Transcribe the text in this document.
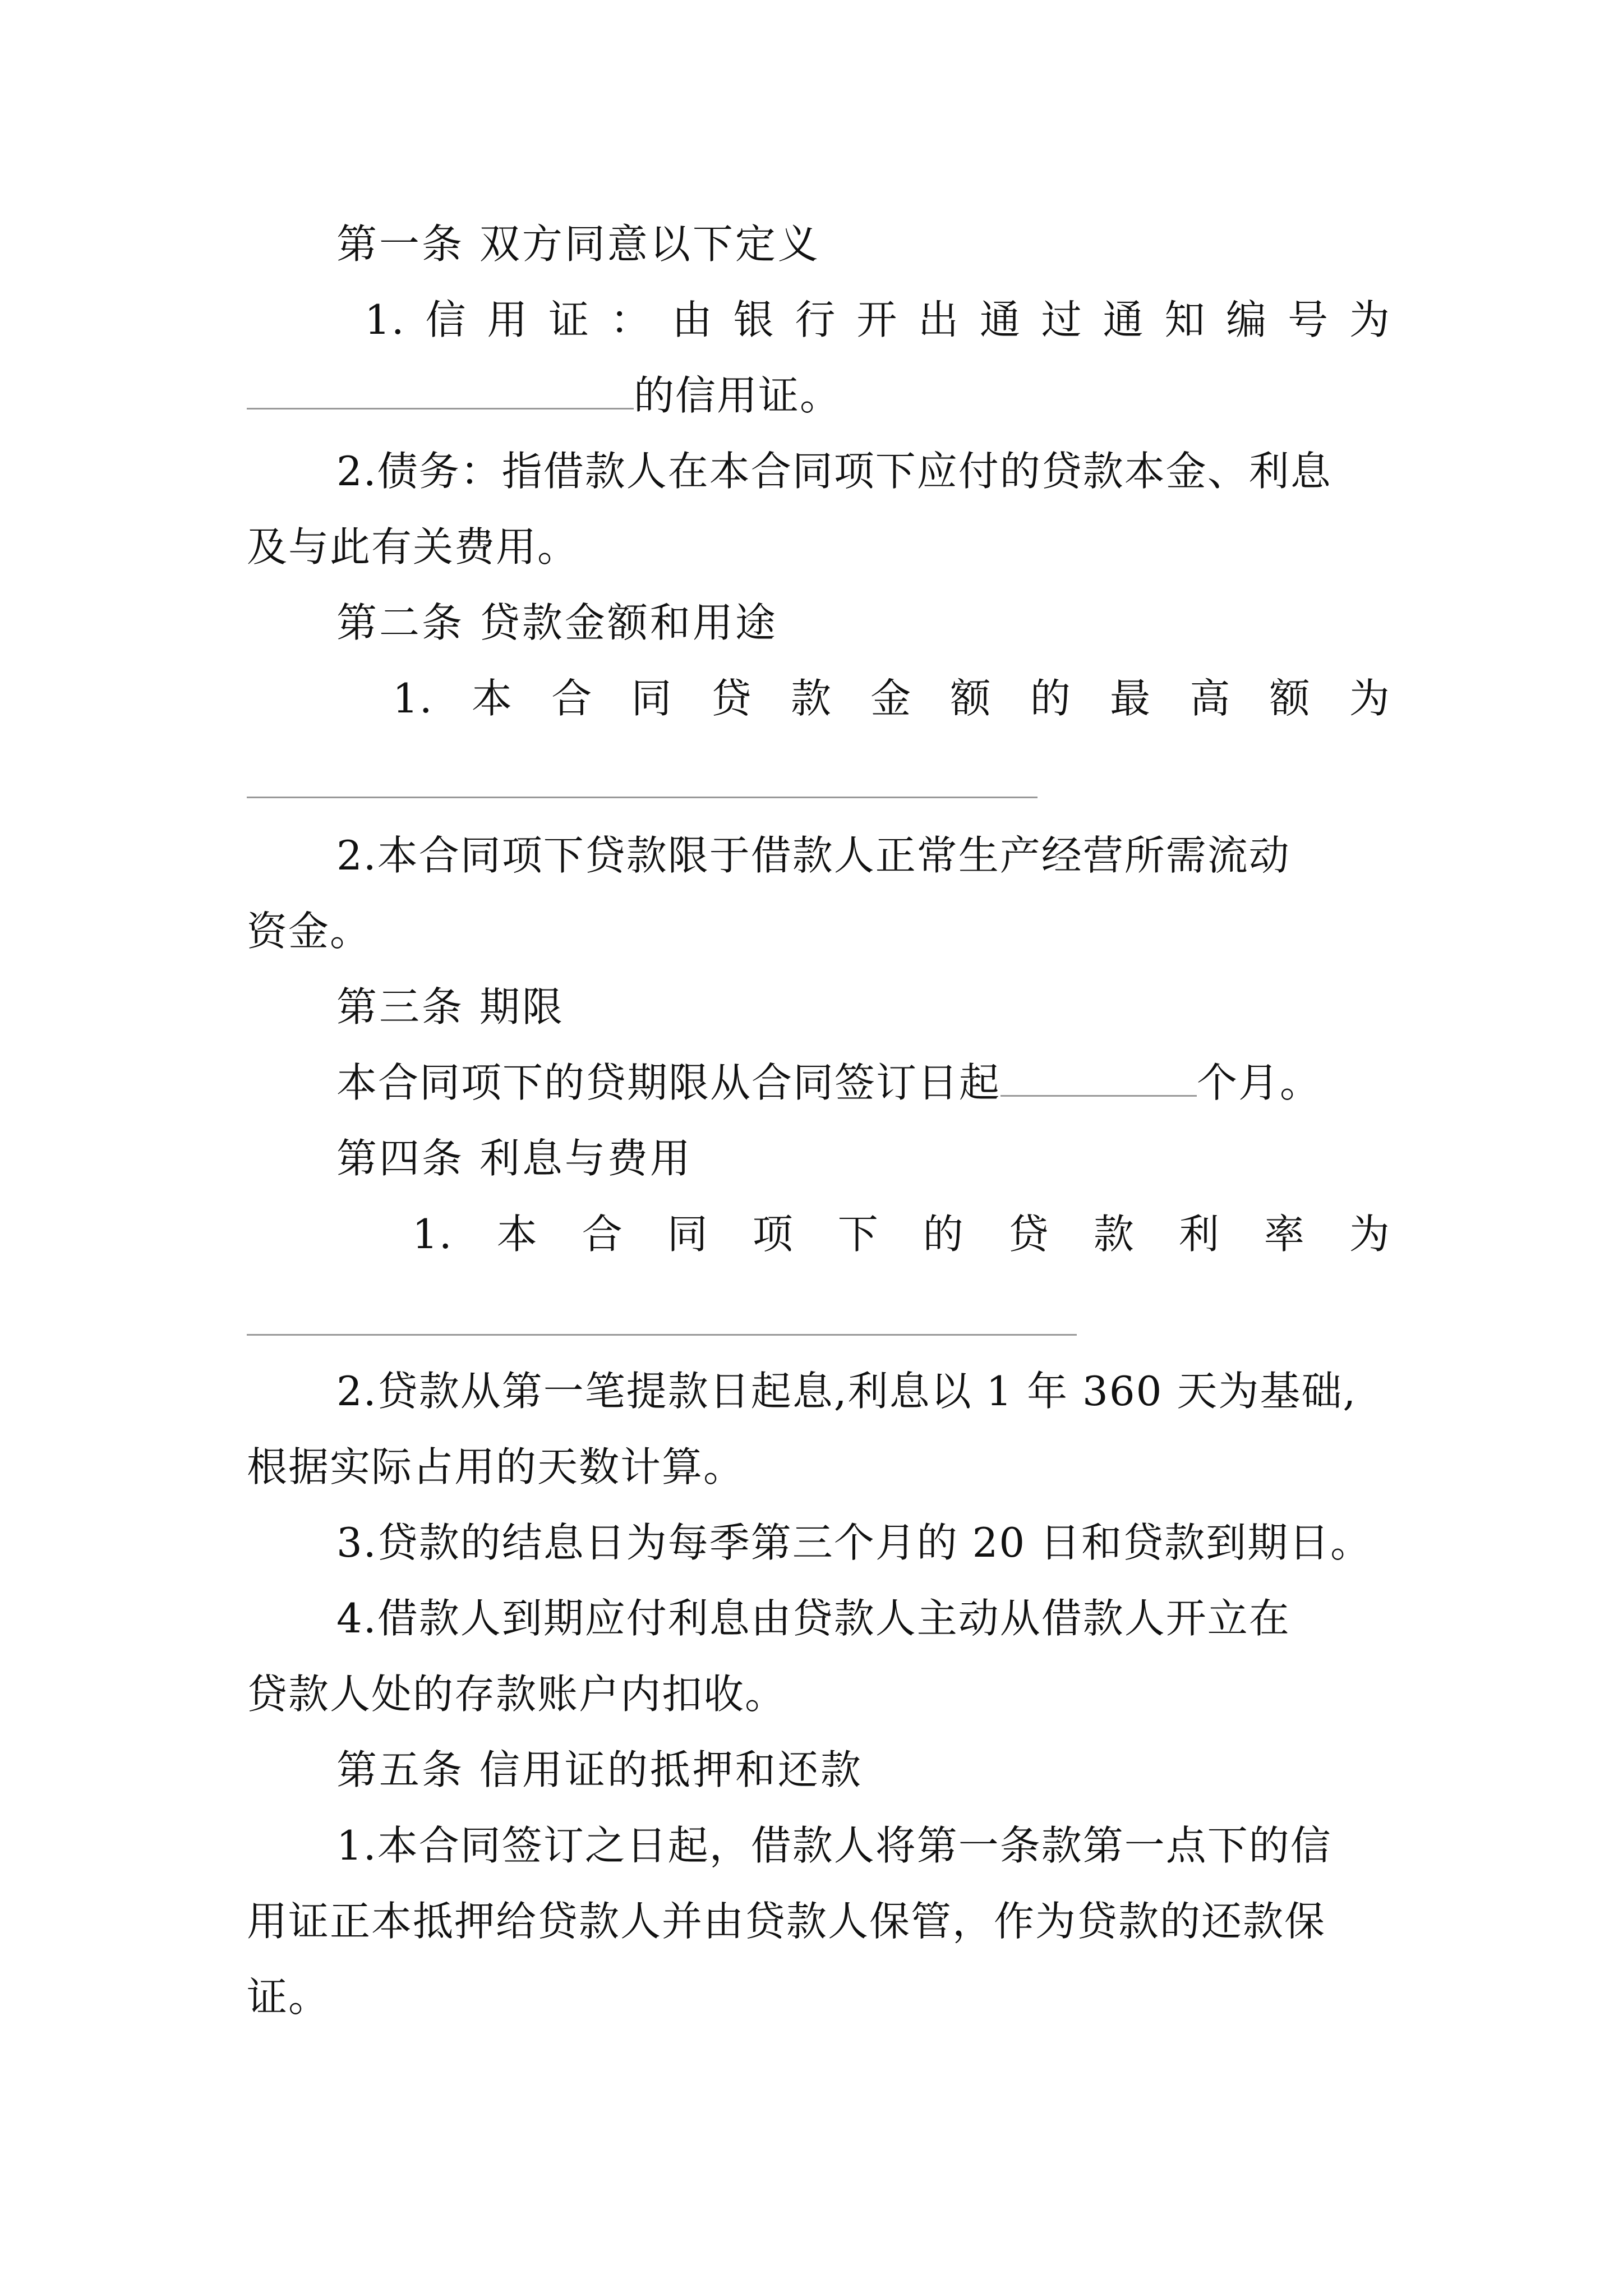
第一条 双方同意以下定义
1. 信 用 证 ： 由 银 行 开 出 通 过 通 知 编 号 为
的信用证。
2.债务：指借款人在本合同项下应付的贷款本金、利息
及与此有关费用。
第二条 贷款金额和用途
1. 本 合 同 贷 款 金 额 的 最 高 额 为
2.本合同项下贷款限于借款人正常生产经营所需流动
资金。
第三条 期限
本合同项下的贷期限从合同签订日起	个月。
第四条 利息与费用
1. 本 合 同 项 下 的 贷 款 利 率 为
2.贷款从第一笔提款日起息,利息以 1 年 360 天为基础,
根据实际占用的天数计算。
3.贷款的结息日为每季第三个月的 20 日和贷款到期日。
4.借款人到期应付利息由贷款人主动从借款人开立在
贷款人处的存款账户内扣收。
第五条 信用证的抵押和还款
1.本合同签订之日起，借款人将第一条款第一点下的信
用证正本抵押给贷款人并由贷款人保管，作为贷款的还款保
证。
